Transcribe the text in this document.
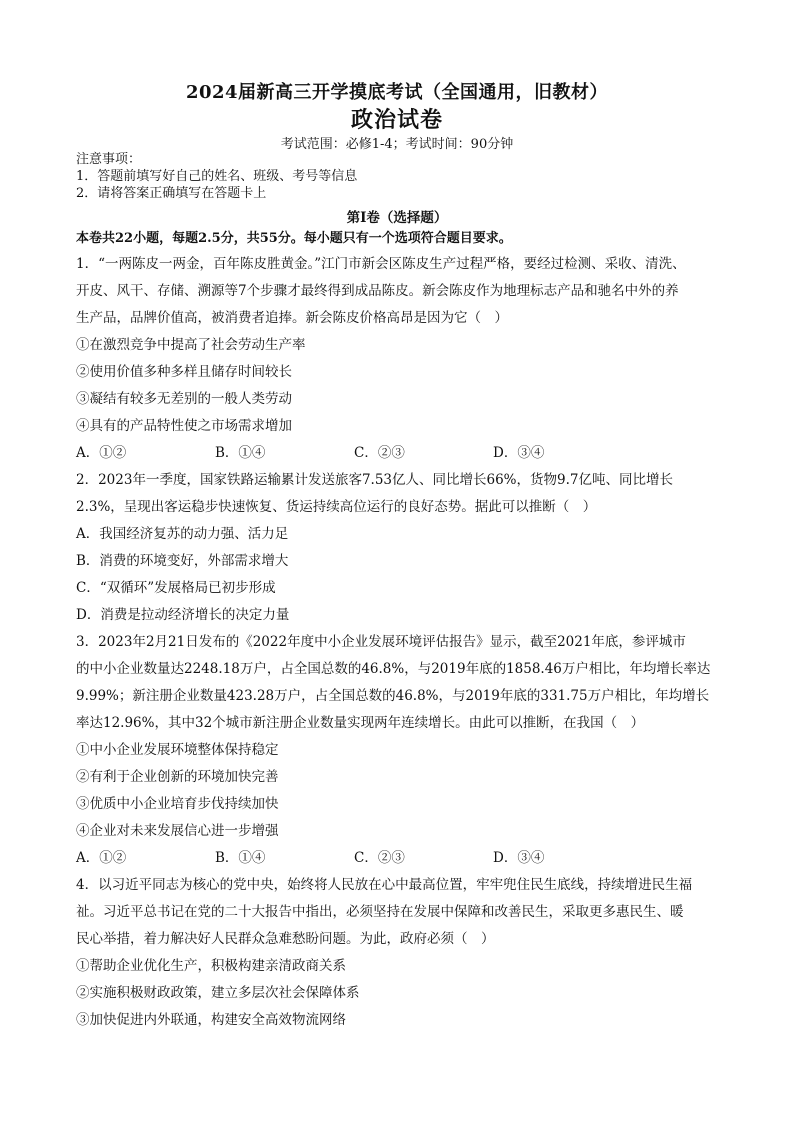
2024届新高三开学摸底考试（全国通用，旧教材）
政治试卷
考试范围：必修1-4；考试时间：90分钟
注意事项：
1．答题前填写好自己的姓名、班级、考号等信息
2．请将答案正确填写在答题卡上
第Ⅰ卷（选择题）
本卷共22小题，每题2.5分，共55分。每小题只有一个选项符合题目要求。
1．“一两陈皮一两金，百年陈皮胜黄金。”江门市新会区陈皮生产过程严格，要经过检测、采收、清洗、
开皮、风干、存储、溯源等7个步骤才最终得到成品陈皮。新会陈皮作为地理标志产品和驰名中外的养
生产品，品牌价值高，被消费者追捧。新会陈皮价格高昂是因为它（　）
①在激烈竞争中提高了社会劳动生产率
②使用价值多种多样且储存时间较长
③凝结有较多无差别的一般人类劳动
④具有的产品特性使之市场需求增加
A．①②	B．①④	C．②③	D．③④
2．2023年一季度，国家铁路运输累计发送旅客7.53亿人、同比增长66%，货物9.7亿吨、同比增长
2.3%，呈现出客运稳步快速恢复、货运持续高位运行的良好态势。据此可以推断（　）
A．我国经济复苏的动力强、活力足
B．消费的环境变好，外部需求增大
C．“双循环”发展格局已初步形成
D．消费是拉动经济增长的决定力量
3．2023年2月21日发布的《2022年度中小企业发展环境评估报告》显示，截至2021年底，参评城市
的中小企业数量达2248.18万户，占全国总数的46.8%，与2019年底的1858.46万户相比，年均增长率达
9.99%；新注册企业数量423.28万户，占全国总数的46.8%，与2019年底的331.75万户相比，年均增长
率达12.96%，其中32个城市新注册企业数量实现两年连续增长。由此可以推断，在我国（　）
①中小企业发展环境整体保持稳定
②有利于企业创新的环境加快完善
③优质中小企业培育步伐持续加快
④企业对未来发展信心进一步增强
A．①②	B．①④	C．②③	D．③④
4．以习近平同志为核心的党中央，始终将人民放在心中最高位置，牢牢兜住民生底线，持续增进民生福
祉。习近平总书记在党的二十大报告中指出，必须坚持在发展中保障和改善民生，采取更多惠民生、暖
民心举措，着力解决好人民群众急难愁盼问题。为此，政府必须（　）
①帮助企业优化生产，积极构建亲清政商关系
②实施积极财政政策，建立多层次社会保障体系
③加快促进内外联通，构建安全高效物流网络
